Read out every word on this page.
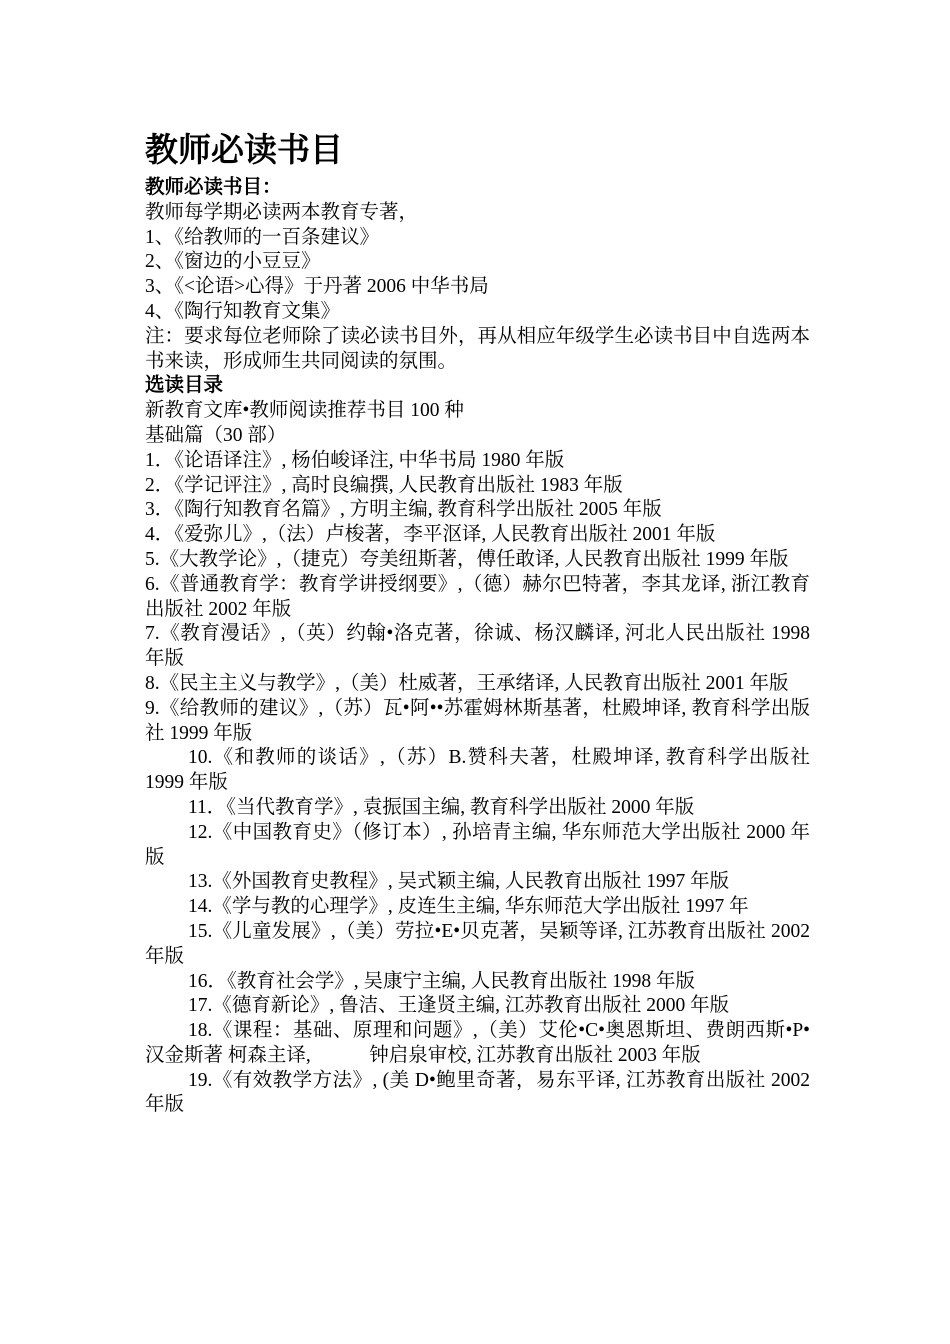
教师必读书目

教师必读书目：

教师每学期必读两本教育专著，

1、《给教师的一百条建议》

2、《窗边的小豆豆》

3、《<论语>心得》于丹著 2006 中华书局

4、《陶行知教育文集》

注：要求每位老师除了读必读书目外，再从相应年级学生必读书目中自选两本书来读，形成师生共同阅读的氛围。

选读目录

新教育文库•教师阅读推荐书目 100 种

基础篇（30 部）

1．《论语译注》, 杨伯峻译注, 中华书局 1980 年版

2．《学记评注》, 高时良编撰, 人民教育出版社 1983 年版

3．《陶行知教育名篇》, 方明主编, 教育科学出版社 2005 年版

4．《爱弥儿》,（法）卢梭著，李平沤译, 人民教育出版社 2001 年版

5.《大教学论》,（捷克）夸美纽斯著，傅任敢译, 人民教育出版社 1999 年版

6.《普通教育学：教育学讲授纲要》,（德）赫尔巴特著，李其龙译, 浙江教育出版社 2002 年版

7.《教育漫话》,（英）约翰•洛克著，徐诚、杨汉麟译, 河北人民出版社 1998 年版

8.《民主主义与教学》,（美）杜威著，王承绪译, 人民教育出版社 2001 年版

9.《给教师的建议》,（苏）瓦•阿••苏霍姆林斯基著，杜殿坤译, 教育科学出版社 1999 年版

10.《和教师的谈话》,（苏）B.赞科夫著，杜殿坤译, 教育科学出版社 1999 年版

11．《当代教育学》, 袁振国主编, 教育科学出版社 2000 年版

12.《中国教育史》（修订本）, 孙培青主编, 华东师范大学出版社 2000 年版

13.《外国教育史教程》, 吴式颖主编, 人民教育出版社 1997 年版

14.《学与教的心理学》, 皮连生主编, 华东师范大学出版社 1997 年

15.《儿童发展》,（美）劳拉•E•贝克著，吴颖等译, 江苏教育出版社 2002 年版

16．《教育社会学》, 吴康宁主编, 人民教育出版社 1998 年版

17.《德育新论》, 鲁洁、王逢贤主编, 江苏教育出版社 2000 年版

18.《课程：基础、原理和问题》,（美）艾伦•C•奥恩斯坦、费朗西斯•P•汉金斯著 柯森主译,　　　钟启泉审校, 江苏教育出版社 2003 年版

19.《有效教学方法》, (美 D•鲍里奇著，易东平译, 江苏教育出版社 2002 年版
